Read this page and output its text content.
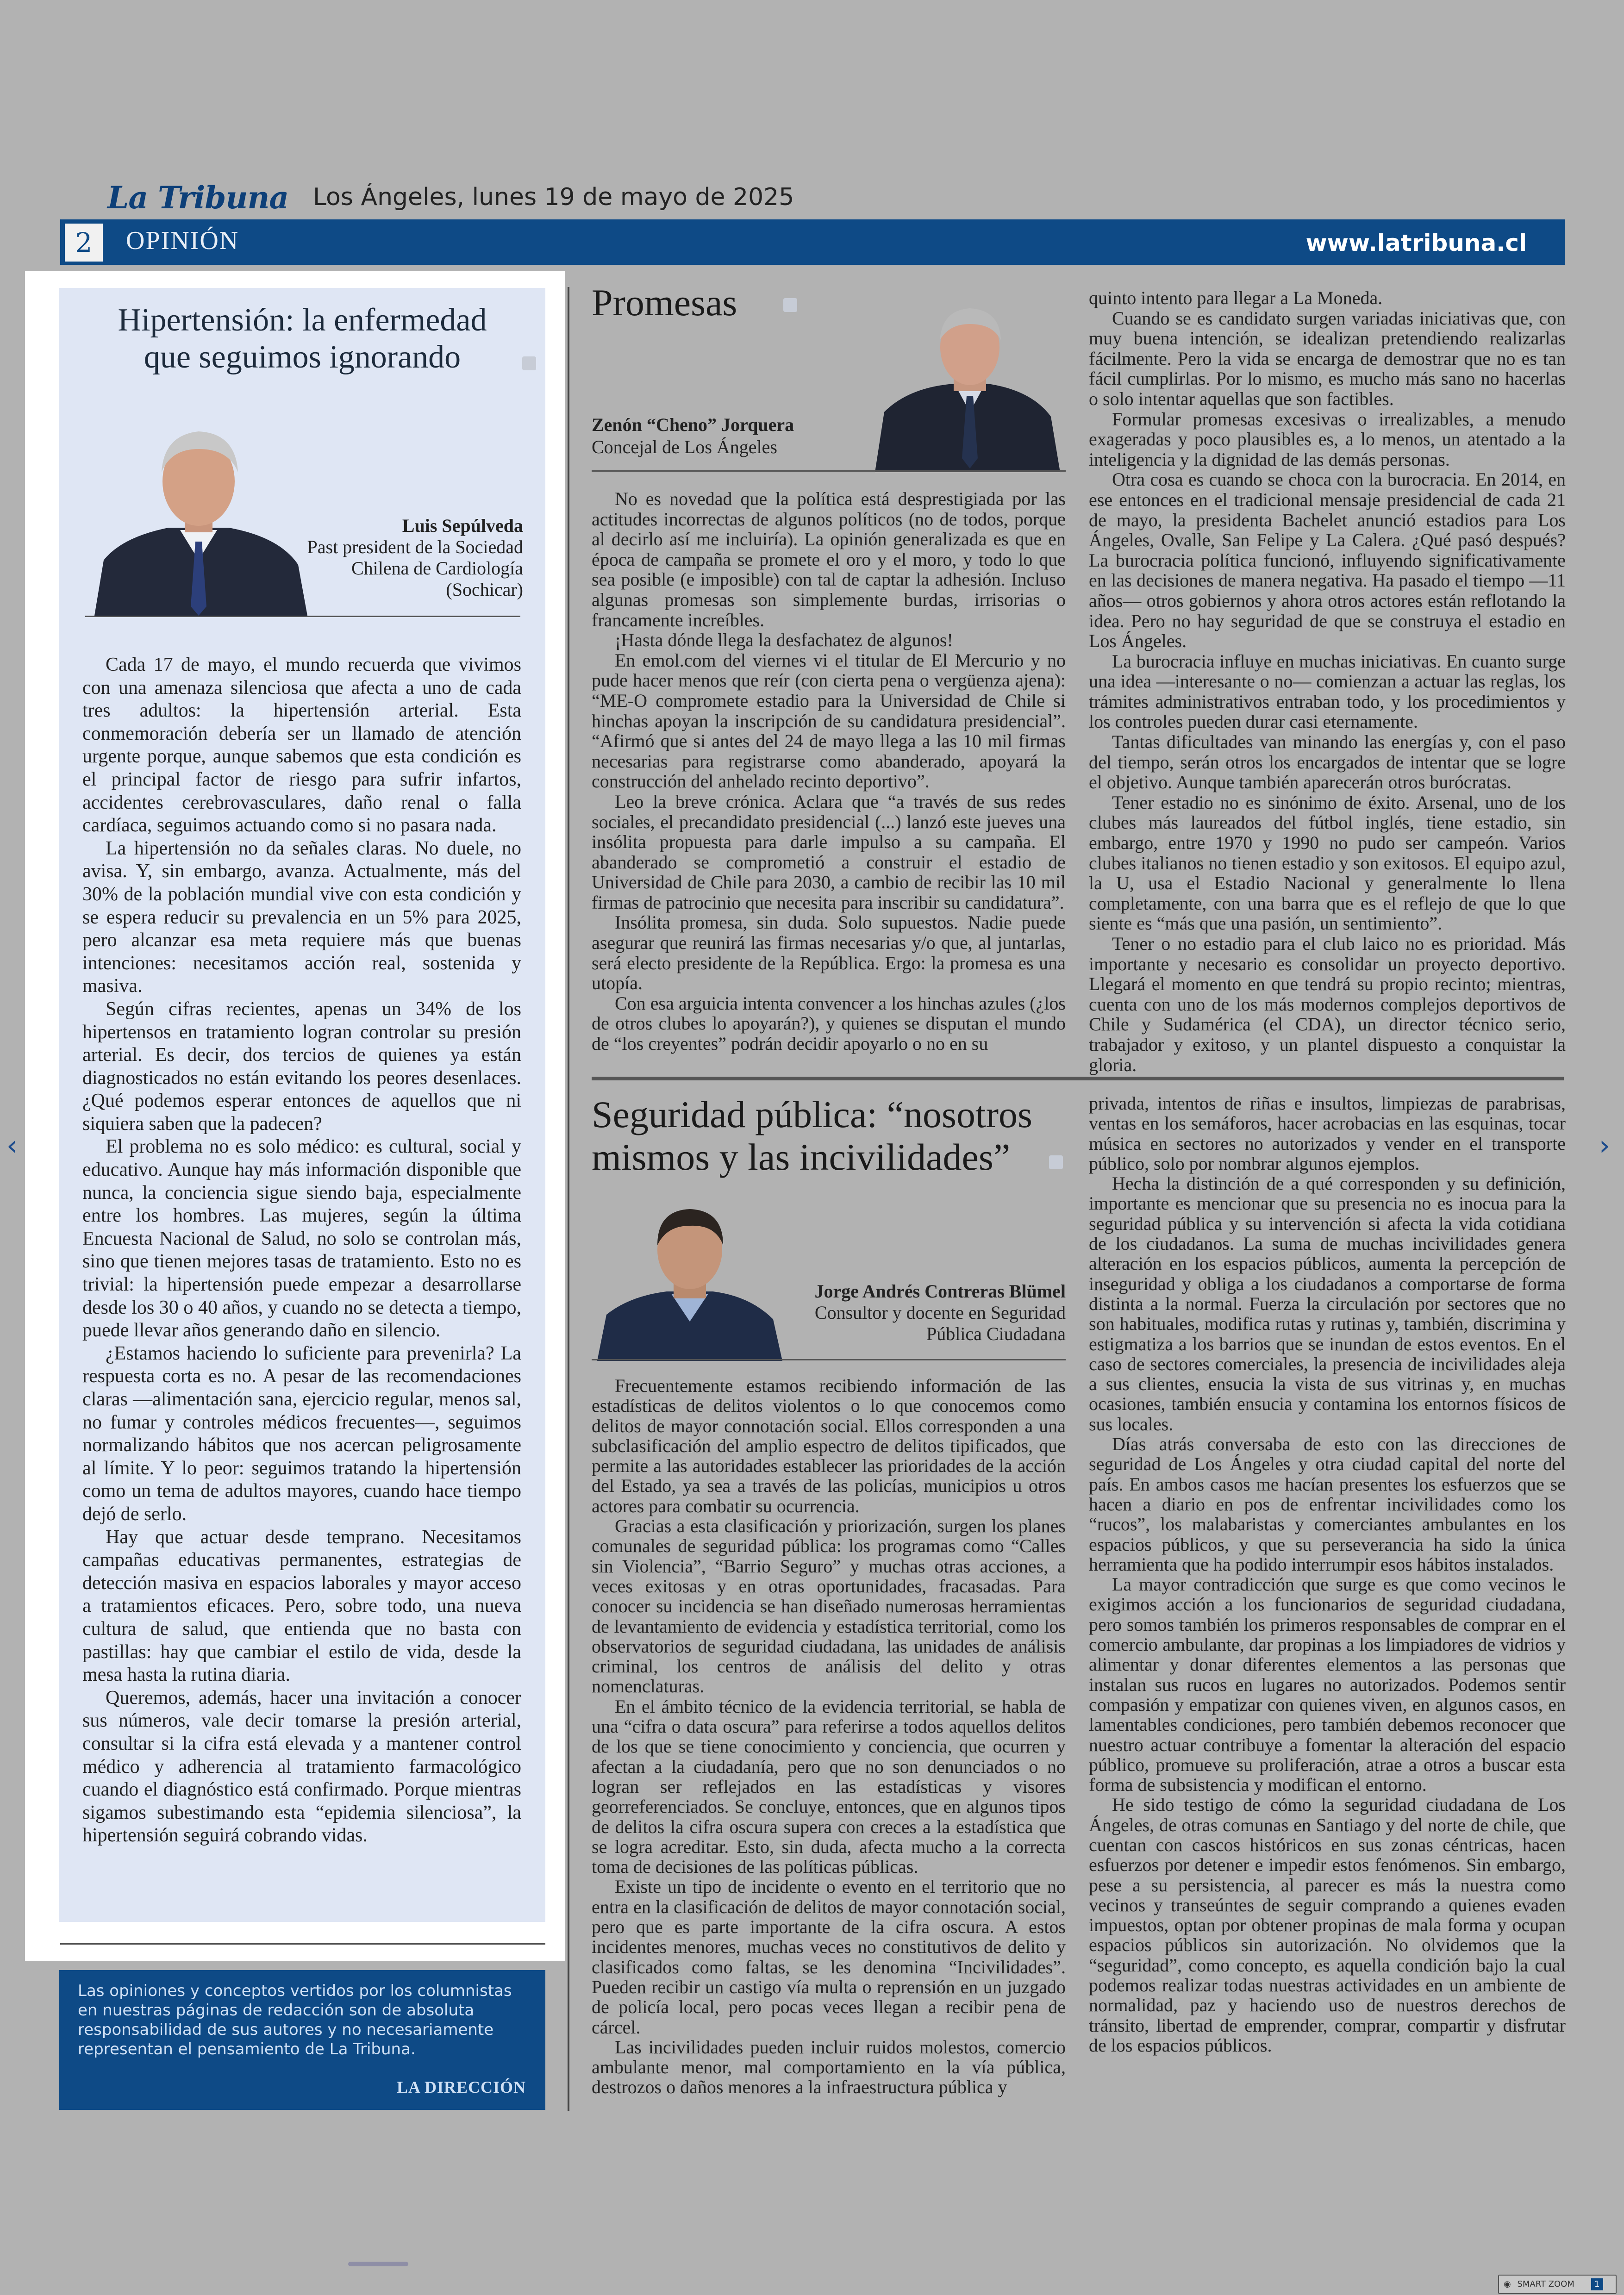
La Tribuna Los Ángeles, lunes 19 de mayo de 2025
2	OPINIÓN	www.latribuna.cl
Hipertensión: la enfermedad
que seguimos ignorando
Luis Sepúlveda
Past president de la Sociedad
Chilena de Cardiología
(Sochicar)

Cada 17 de mayo, el mundo recuerda que vivimos con una amenaza silenciosa que afecta a uno de cada tres adultos: la hipertensión arterial. Esta conmemoración debería ser un llamado de atención urgente porque, aunque sabemos que esta condición es el principal factor de riesgo para sufrir infartos, accidentes cerebrovasculares, daño renal o falla cardíaca, seguimos actuando como si no pasara nada.

La hipertensión no da señales claras. No duele, no avisa. Y, sin embargo, avanza. Actualmente, más del 30% de la población mundial vive con esta condición y se espera reducir su prevalencia en un 5% para 2025, pero alcanzar esa meta requiere más que buenas intenciones: necesitamos acción real, sostenida y masiva.

Según cifras recientes, apenas un 34% de los hipertensos en tratamiento logran controlar su presión arterial. Es decir, dos tercios de quienes ya están diagnosticados no están evitando los peores desenlaces. ¿Qué podemos esperar entonces de aquellos que ni siquiera saben que la padecen?

El problema no es solo médico: es cultural, social y educativo. Aunque hay más información disponible que nunca, la conciencia sigue siendo baja, especialmente entre los hombres. Las mujeres, según la última Encuesta Nacional de Salud, no solo se controlan más, sino que tienen mejores tasas de tratamiento. Esto no es trivial: la hipertensión puede empezar a desarrollarse desde los 30 o 40 años, y cuando no se detecta a tiempo, puede llevar años generando daño en silencio.

¿Estamos haciendo lo suficiente para prevenirla? La respuesta corta es no. A pesar de las recomendaciones claras —alimentación sana, ejercicio regular, menos sal, no fumar y controles médicos frecuentes—, seguimos normalizando hábitos que nos acercan peligrosamente al límite. Y lo peor: seguimos tratando la hipertensión como un tema de adultos mayores, cuando hace tiempo dejó de serlo.

Hay que actuar desde temprano. Necesitamos campañas educativas permanentes, estrategias de detección masiva en espacios laborales y mayor acceso a tratamientos eficaces. Pero, sobre todo, una nueva cultura de salud, que entienda que no basta con pastillas: hay que cambiar el estilo de vida, desde la mesa hasta la rutina diaria.

Queremos, además, hacer una invitación a conocer sus números, vale decir tomarse la presión arterial, consultar si la cifra está elevada y a mantener control médico y adherencia al tratamiento farmacológico cuando el diagnóstico está confirmado. Porque mientras sigamos subestimando esta “epidemia silenciosa”, la hipertensión seguirá cobrando vidas.

Las opiniones y conceptos vertidos por los columnistas en nuestras páginas de redacción son de absoluta responsabilidad de sus autores y no necesariamente representan el pensamiento de La Tribuna.
LA DIRECCIÓN
Promesas
Zenón “Cheno” Jorquera
Concejal de Los Ángeles

No es novedad que la política está desprestigiada por las actitudes incorrectas de algunos políticos (no de todos, porque al decirlo así me incluiría). La opinión generalizada es que en época de campaña se promete el oro y el moro, y todo lo que sea posible (e imposible) con tal de captar la adhesión. Incluso algunas promesas son simplemente burdas, irrisorias o francamente increíbles.

¡Hasta dónde llega la desfachatez de algunos!

En emol.com del viernes vi el titular de El Mercurio y no pude hacer menos que reír (con cierta pena o vergüenza ajena): “ME-O compromete estadio para la Universidad de Chile si hinchas apoyan la inscripción de su candidatura presidencial”. “Afirmó que si antes del 24 de mayo llega a las 10 mil firmas necesarias para registrarse como abanderado, apoyará la construcción del anhelado recinto deportivo”.

Leo la breve crónica. Aclara que “a través de sus redes sociales, el precandidato presidencial (...) lanzó este jueves una insólita propuesta para darle impulso a su campaña. El abanderado se comprometió a construir el estadio de Universidad de Chile para 2030, a cambio de recibir las 10 mil firmas de patrocinio que necesita para inscribir su candidatura”.

Insólita promesa, sin duda. Solo supuestos. Nadie puede asegurar que reunirá las firmas necesarias y/o que, al juntarlas, será electo presidente de la República. Ergo: la promesa es una utopía.

Con esa arguicia intenta convencer a los hinchas azules (¿los de otros clubes lo apoyarán?), y quienes se disputan el mundo de “los creyentes” podrán decidir apoyarlo o no en su

quinto intento para llegar a La Moneda.

Cuando se es candidato surgen variadas iniciativas que, con muy buena intención, se idealizan pretendiendo realizarlas fácilmente. Pero la vida se encarga de demostrar que no es tan fácil cumplirlas. Por lo mismo, es mucho más sano no hacerlas o solo intentar aquellas que son factibles.

Formular promesas excesivas o irrealizables, a menudo exageradas y poco plausibles es, a lo menos, un atentado a la inteligencia y la dignidad de las demás personas.

Otra cosa es cuando se choca con la burocracia. En 2014, en ese entonces en el tradicional mensaje presidencial de cada 21 de mayo, la presidenta Bachelet anunció estadios para Los Ángeles, Ovalle, San Felipe y La Calera. ¿Qué pasó después? La burocracia política funcionó, influyendo significativamente en las decisiones de manera negativa. Ha pasado el tiempo —11 años— otros gobiernos y ahora otros actores están reflotando la idea. Pero no hay seguridad de que se construya el estadio en Los Ángeles.

La burocracia influye en muchas iniciativas. En cuanto surge una idea —interesante o no— comienzan a actuar las reglas, los trámites administrativos entraban todo, y los procedimientos y los controles pueden durar casi eternamente.

Tantas dificultades van minando las energías y, con el paso del tiempo, serán otros los encargados de intentar que se logre el objetivo. Aunque también aparecerán otros burócratas.

Tener estadio no es sinónimo de éxito. Arsenal, uno de los clubes más laureados del fútbol inglés, tiene estadio, sin embargo, entre 1970 y 1990 no pudo ser campeón. Varios clubes italianos no tienen estadio y son exitosos. El equipo azul, la U, usa el Estadio Nacional y generalmente lo llena completamente, con una barra que es el reflejo de que lo que siente es “más que una pasión, un sentimiento”.

Tener o no estadio para el club laico no es prioridad. Más importante y necesario es consolidar un proyecto deportivo. Llegará el momento en que tendrá su propio recinto; mientras, cuenta con uno de los más modernos complejos deportivos de Chile y Sudamérica (el CDA), un director técnico serio, trabajador y exitoso, y un plantel dispuesto a conquistar la gloria.

Seguridad pública: “nosotros
mismos y las incivilidades”
Jorge Andrés Contreras Blümel
Consultor y docente en Seguridad
Pública Ciudadana

Frecuentemente estamos recibiendo información de las estadísticas de delitos violentos o lo que conocemos como delitos de mayor connotación social. Ellos corresponden a una subclasificación del amplio espectro de delitos tipificados, que permite a las autoridades establecer las prioridades de la acción del Estado, ya sea a través de las policías, municipios u otros actores para combatir su ocurrencia.

Gracias a esta clasificación y priorización, surgen los planes comunales de seguridad pública: los programas como “Calles sin Violencia”, “Barrio Seguro” y muchas otras acciones, a veces exitosas y en otras oportunidades, fracasadas. Para conocer su incidencia se han diseñado numerosas herramientas de levantamiento de evidencia y estadística territorial, como los observatorios de seguridad ciudadana, las unidades de análisis criminal, los centros de análisis del delito y otras nomenclaturas.

En el ámbito técnico de la evidencia territorial, se habla de una “cifra o data oscura” para referirse a todos aquellos delitos de los que se tiene conocimiento y conciencia, que ocurren y afectan a la ciudadanía, pero que no son denunciados o no logran ser reflejados en las estadísticas y visores georreferenciados. Se concluye, entonces, que en algunos tipos de delitos la cifra oscura supera con creces a la estadística que se logra acreditar. Esto, sin duda, afecta mucho a la correcta toma de decisiones de las políticas públicas.

Existe un tipo de incidente o evento en el territorio que no entra en la clasificación de delitos de mayor connotación social, pero que es parte importante de la cifra oscura. A estos incidentes menores, muchas veces no constitutivos de delito y clasificados como faltas, se les denomina “Incivilidades”. Pueden recibir un castigo vía multa o reprensión en un juzgado de policía local, pero pocas veces llegan a recibir pena de cárcel.

Las incivilidades pueden incluir ruidos molestos, comercio ambulante menor, mal comportamiento en la vía pública, destrozos o daños menores a la infraestructura pública y

privada, intentos de riñas e insultos, limpiezas de parabrisas, ventas en los semáforos, hacer acrobacias en las esquinas, tocar música en sectores no autorizados y vender en el transporte público, solo por nombrar algunos ejemplos.

Hecha la distinción de a qué corresponden y su definición, importante es mencionar que su presencia no es inocua para la seguridad pública y su intervención si afecta la vida cotidiana de los ciudadanos. La suma de muchas incivilidades genera alteración en los espacios públicos, aumenta la percepción de inseguridad y obliga a los ciudadanos a comportarse de forma distinta a la normal. Fuerza la circulación por sectores que no son habituales, modifica rutas y rutinas y, también, discrimina y estigmatiza a los barrios que se inundan de estos eventos. En el caso de sectores comerciales, la presencia de incivilidades aleja a sus clientes, ensucia la vista de sus vitrinas y, en muchas ocasiones, también ensucia y contamina los entornos físicos de sus locales.

Días atrás conversaba de esto con las direcciones de seguridad de Los Ángeles y otra ciudad capital del norte del país. En ambos casos me hacían presentes los esfuerzos que se hacen a diario en pos de enfrentar incivilidades como los “rucos”, los malabaristas y comerciantes ambulantes en los espacios públicos, y que su perseverancia ha sido la única herramienta que ha podido interrumpir esos hábitos instalados.

La mayor contradicción que surge es que como vecinos le exigimos acción a los funcionarios de seguridad ciudadana, pero somos también los primeros responsables de comprar en el comercio ambulante, dar propinas a los limpiadores de vidrios y alimentar y donar diferentes elementos a las personas que instalan sus rucos en lugares no autorizados. Podemos sentir compasión y empatizar con quienes viven, en algunos casos, en lamentables condiciones, pero también debemos reconocer que nuestro actuar contribuye a fomentar la alteración del espacio público, promueve su proliferación, atrae a otros a buscar esta forma de subsistencia y modifican el entorno.

He sido testigo de cómo la seguridad ciudadana de Los Ángeles, de otras comunas en Santiago y del norte de chile, que cuentan con cascos históricos en sus zonas céntricas, hacen esfuerzos por detener e impedir estos fenómenos. Sin embargo, pese a su persistencia, al parecer es más la nuestra como vecinos y transeúntes de seguir comprando a quienes evaden impuestos, optan por obtener propinas de mala forma y ocupan espacios públicos sin autorización. No olvidemos que la “seguridad”, como concepto, es aquella condición bajo la cual podemos realizar todas nuestras actividades en un ambiente de normalidad, paz y haciendo uso de nuestros derechos de tránsito, libertad de emprender, comprar, compartir y disfrutar de los espacios públicos.

‹	›
◉ SMART ZOOM 1
